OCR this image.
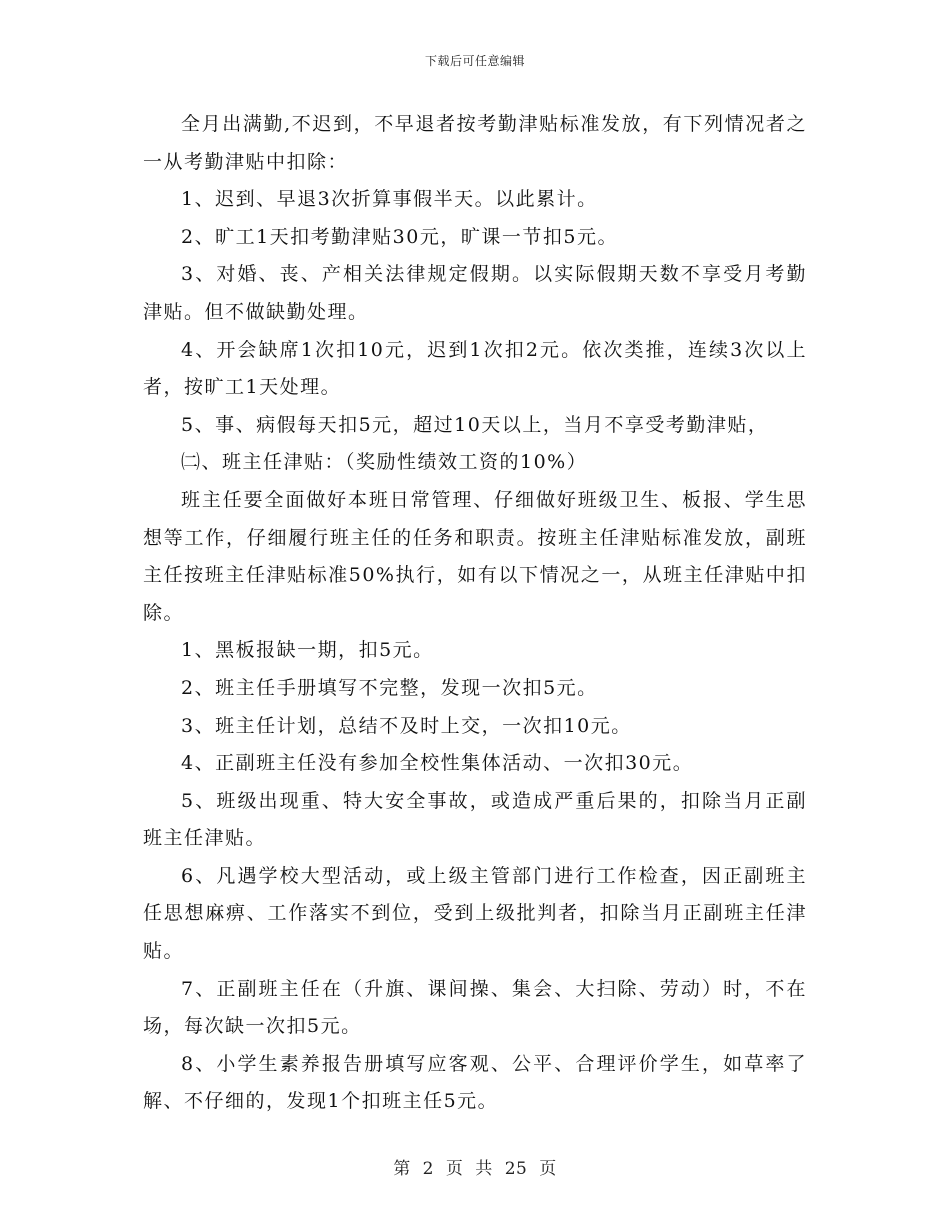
下载后可任意编辑

全月出满勤,不迟到，不早退者按考勤津贴标准发放，有下列情况者之一从考勤津贴中扣除：

1、迟到、早退3次折算事假半天。以此累计。

2、旷工1天扣考勤津贴30元，旷课一节扣5元。

3、对婚、丧、产相关法律规定假期。以实际假期天数不享受月考勤津贴。但不做缺勤处理。

4、开会缺席1次扣10元，迟到1次扣2元。依次类推，连续3次以上者，按旷工1天处理。

5、事、病假每天扣5元，超过10天以上，当月不享受考勤津贴，

㈡、班主任津贴：（奖励性绩效工资的10%）

班主任要全面做好本班日常管理、仔细做好班级卫生、板报、学生思想等工作，仔细履行班主任的任务和职责。按班主任津贴标准发放，副班主任按班主任津贴标准50%执行，如有以下情况之一，从班主任津贴中扣除。

1、黑板报缺一期，扣5元。

2、班主任手册填写不完整，发现一次扣5元。

3、班主任计划，总结不及时上交，一次扣10元。

4、正副班主任没有参加全校性集体活动、一次扣30元。

5、班级出现重、特大安全事故，或造成严重后果的，扣除当月正副班主任津贴。

6、凡遇学校大型活动，或上级主管部门进行工作检查，因正副班主任思想麻痹、工作落实不到位，受到上级批判者，扣除当月正副班主任津贴。

7、正副班主任在（升旗、课间操、集会、大扫除、劳动）时，不在场，每次缺一次扣5元。

8、小学生素养报告册填写应客观、公平、合理评价学生，如草率了解、不仔细的，发现1个扣班主任5元。

第 2 页 共 25 页
